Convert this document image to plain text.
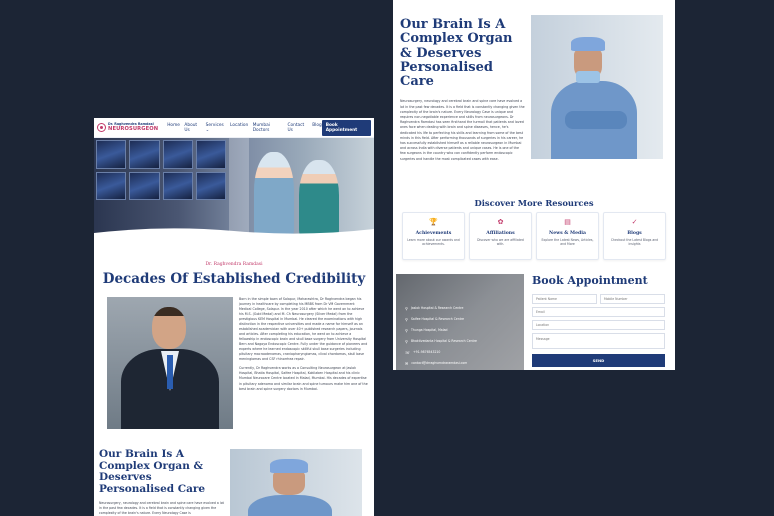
Dr. Raghvendra Ramdasi
NEUROSURGEON
Home About Us
Services ⌄
Location Mumbai Doctors
Contact Us
Blog Book Appointment
Dr. Raghvendra Ramdasi
Decades Of Established Credibility

Born in the simple town of Solapur, Maharashtra, Dr Raghvendra began his journey in healthcare by completing his MBBS from Dr VM Government Medical College, Solapur. In the year 2010 after which he went on to achieve his M.S. (Gold Medal) and M. Ch Neurosurgery (Silver Medal) from the prestigious KEM Hospital in Mumbai. He cleared the examinations with high distinction in the respective universities and made a name for himself as an established academician with over 40+ published research papers, journals and articles. After completing his education, he went on to achieve a fellowship in endoscopic brain and skull base surgery from University Hospital Bern and Nagoya Endoscopic Centre. Fully under the guidance of pioneers and experts where he learned endoscopic skillful skull base surgeries including pituitary macroadenomas, craniopharyngiomas, clival chordomas, skull base meningiomas and CSF rhinorrhea repair.

Currently, Dr Raghvendra works as a Consulting Neurosurgeon at Jaslok Hospital, Bhatia Hospital, Saifee Hospital, Kokilaben Hospital and his clinic Mumbai Neurocare Centre located in Malad, Mumbai. His decades of expertise in pituitary adenoma and similar brain and spine tumours make him one of the best brain and spine surgery doctors in Mumbai.

Our Brain Is A Complex Organ & Deserves Personalised Care
Neurosurgery, neurology and cerebral brain and spine care have evolved a lot in the past few decades. It is a field that is constantly changing given the complexity of the brain's nature. Every Neurology Case is
Our Brain Is A Complex Organ & Deserves Personalised Care
Neurosurgery, neurology and cerebral brain and spine care have evolved a lot in the past few decades. It is a field that is constantly changing given the complexity of the brain's nature. Every Neurology Case is unique and requires non-negotiable experience and skills from neurosurgeons. Dr Raghvendra Ramdasi has seen firsthand the turmoil that patients and loved ones face when dealing with brain and spine diseases, hence, he's dedicated his life to perfecting his skills and learning from some of the best minds in this field. After performing thousands of surgeries in his career, he has successfully established himself as a reliable neurosurgeon in Mumbai and across India with diverse patients and unique cases. He is one of the few surgeons in the country who can confidently perform endoscopic surgeries and handle the most complicated cases with ease.
Discover More Resources
🏆
Achievements
Learn more about our awards and achievements.
✿
Affiliations
Discover who we are affiliated with.
▤
News & Media
Explore the Latest News, Articles, and More
✓
Blogs
Checkout the Latest Blogs and insights
⚲ Jaslok Hospital & Research Centre
⚲ Saifee Hospital & Research Centre
⚲ Thunga Hospital, Malad
⚲ Bhaktivedanta Hospital & Research Centre
☏ +91-9876543210
✉ contact@drraghvendraramdasi.com
Book Appointment
Patient Name
Mobile Number
Email
Location
Message
SEND
